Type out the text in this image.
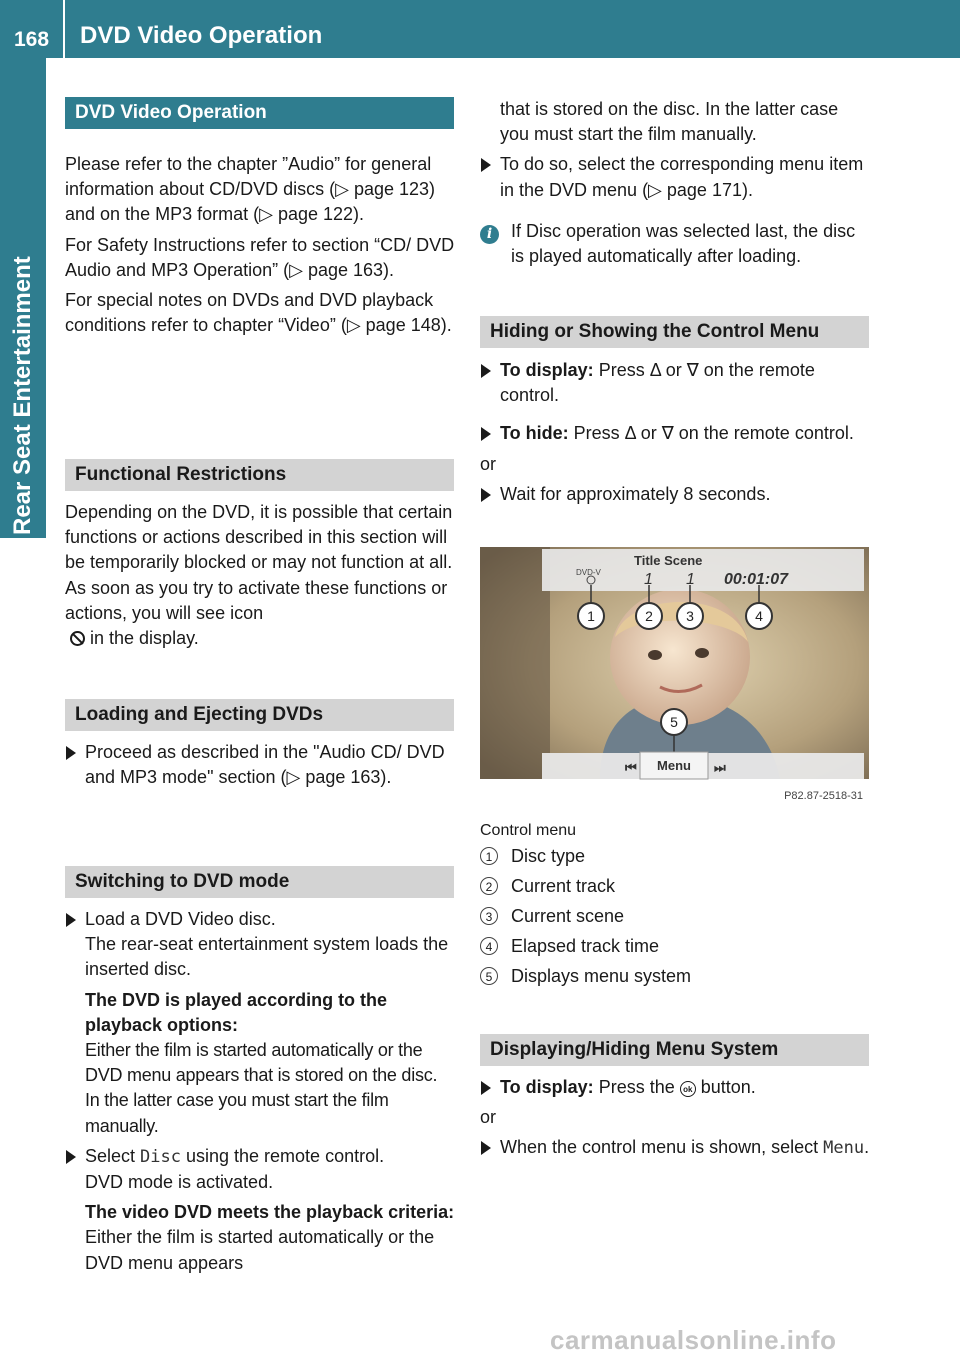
168	DVD Video Operation
Rear Seat Entertainment
DVD Video Operation

Please refer to the chapter ”Audio” for general information about CD/DVD discs (▷ page 123) and on the MP3 format (▷ page 122).

For Safety Instructions refer to section “CD/ DVD Audio and MP3 Operation” (▷ page 163).

For special notes on DVDs and DVD playback conditions refer to chapter “Video” (▷ page 148).

Functional Restrictions

Depending on the DVD, it is possible that certain functions or actions described in this section will be temporarily blocked or may not function at all. As soon as you try to activate these functions or actions, you will see icon
in the display.

Loading and Ejecting DVDs
Proceed as described in the "Audio CD/ DVD and MP3 mode" section (▷ page 163).
Switching to DVD mode
Load a DVD Video disc.
The rear-seat entertainment system loads the inserted disc.
The DVD is played according to the playback options:
Either the film is started automatically or the DVD menu appears that is stored on the disc. In the latter case you must start the film manually.
Select Disc using the remote control.
DVD mode is activated.
The video DVD meets the playback criteria: Either the film is started automatically or the DVD menu appears

that is stored on the disc. In the latter case you must start the film manually.

To do so, select the corresponding menu item in the DVD menu (▷ page 171).
i	If Disc operation was selected last, the disc is played automatically after loading.
Hiding or Showing the Control Menu
To display: Press Δ or ∇ on the remote control.
To hide: Press Δ or ∇ on the remote control.

or

Wait for approximately 8 seconds.
DVD-V
Title Scene
1 1 00:01:07
1	2 3	4
5
⏮ Menu ⏭
P82.87-2518-31
Control menu
1	Disc type
2	Current track
3	Current scene
4	Elapsed track time
5	Displays menu system
Displaying/Hiding Menu System
To display: Press the ok button.

or

When the control menu is shown, select Menu.
carmanualsonline.info
